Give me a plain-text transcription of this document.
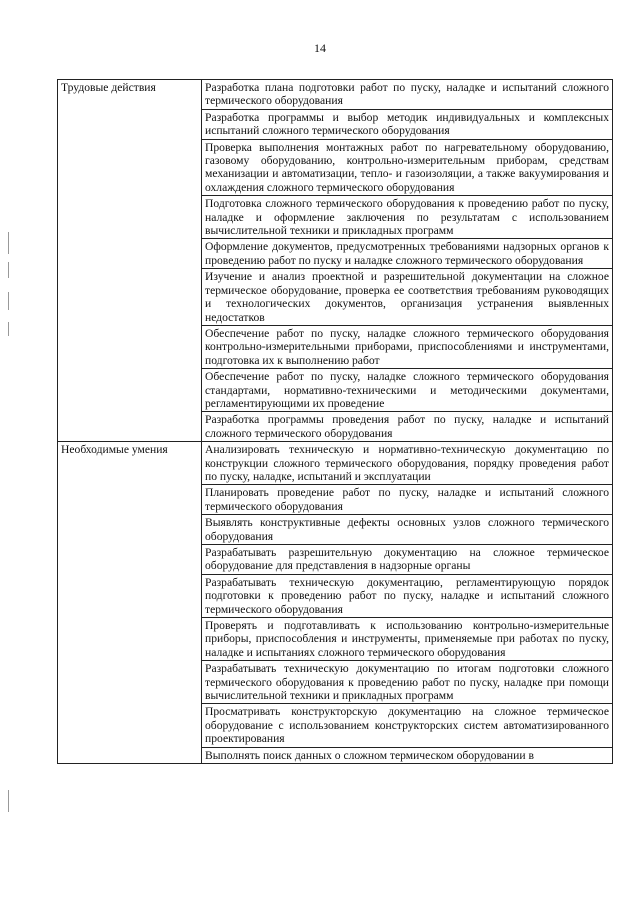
14
Трудовые действия	Разработка плана подготовки работ по пуску, наладке и испытаний сложного термического оборудования
	Разработка программы и выбор методик индивидуальных и комплексных испытаний сложного термического оборудования
	Проверка выполнения монтажных работ по нагревательному оборудованию, газовому оборудованию, контрольно-измерительным приборам, средствам механизации и автоматизации, тепло- и газоизоляции, а также вакуумирования и охлаждения сложного термического оборудования
	Подготовка сложного термического оборудования к проведению работ по пуску, наладке и оформление заключения по результатам с использованием вычислительной техники и прикладных программ
	Оформление документов, предусмотренных требованиями надзорных органов к проведению работ по пуску и наладке сложного термического оборудования
	Изучение и анализ проектной и разрешительной документации на сложное термическое оборудование, проверка ее соответствия требованиям руководящих и технологических документов, организация устранения выявленных недостатков
	Обеспечение работ по пуску, наладке сложного термического оборудования контрольно-измерительными приборами, приспособлениями и инструментами, подготовка их к выполнению работ
	Обеспечение работ по пуску, наладке сложного термического оборудования стандартами, нормативно-техническими и методическими документами, регламентирующими их проведение
	Разработка программы проведения работ по пуску, наладке и испытаний сложного термического оборудования
Необходимые умения	Анализировать техническую и нормативно-техническую документацию по конструкции сложного термического оборудования, порядку проведения работ по пуску, наладке, испытаний и эксплуатации
	Планировать проведение работ по пуску, наладке и испытаний сложного термического оборудования
	Выявлять конструктивные дефекты основных узлов сложного термического оборудования
	Разрабатывать разрешительную документацию на сложное термическое оборудование для представления в надзорные органы
	Разрабатывать техническую документацию, регламентирующую порядок подготовки к проведению работ по пуску, наладке и испытаний сложного термического оборудования
	Проверять и подготавливать к использованию контрольно-измерительные приборы, приспособления и инструменты, применяемые при работах по пуску, наладке и испытаниях сложного термического оборудования
	Разрабатывать техническую документацию по итогам подготовки сложного термического оборудования к проведению работ по пуску, наладке при помощи вычислительной техники и прикладных программ
	Просматривать конструкторскую документацию на сложное термическое оборудование с использованием конструкторских систем автоматизированного проектирования
	Выполнять поиск данных о сложном термическом оборудовании в
